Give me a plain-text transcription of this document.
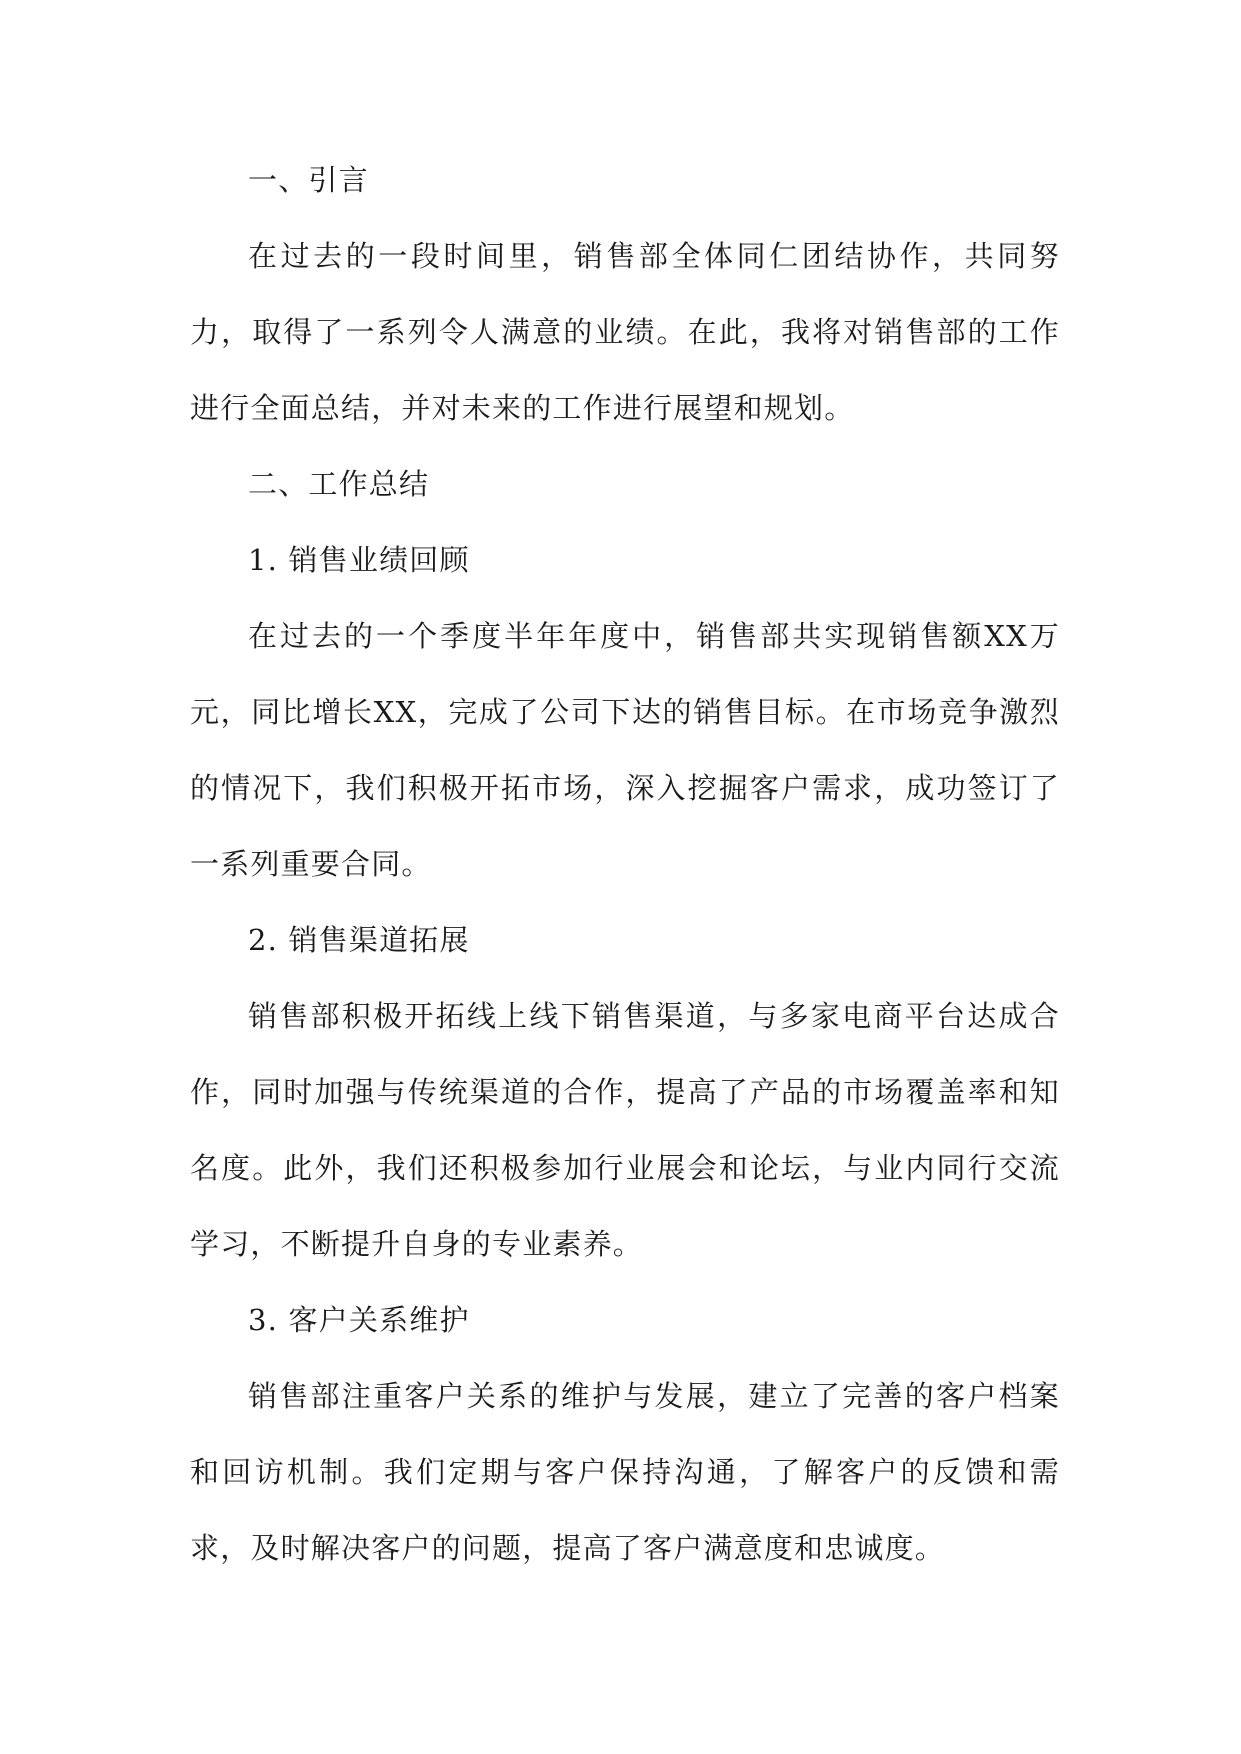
一、引言

在过去的一段时间里，销售部全体同仁团结协作，共同努力，取得了一系列令人满意的业绩。在此，我将对销售部的工作进行全面总结，并对未来的工作进行展望和规划。

二、工作总结

1. 销售业绩回顾

在过去的一个季度半年年度中，销售部共实现销售额XX万元，同比增长XX，完成了公司下达的销售目标。在市场竞争激烈的情况下，我们积极开拓市场，深入挖掘客户需求，成功签订了一系列重要合同。

2. 销售渠道拓展

销售部积极开拓线上线下销售渠道，与多家电商平台达成合作，同时加强与传统渠道的合作，提高了产品的市场覆盖率和知名度。此外，我们还积极参加行业展会和论坛，与业内同行交流学习，不断提升自身的专业素养。

3. 客户关系维护

销售部注重客户关系的维护与发展，建立了完善的客户档案和回访机制。我们定期与客户保持沟通，了解客户的反馈和需求，及时解决客户的问题，提高了客户满意度和忠诚度。
